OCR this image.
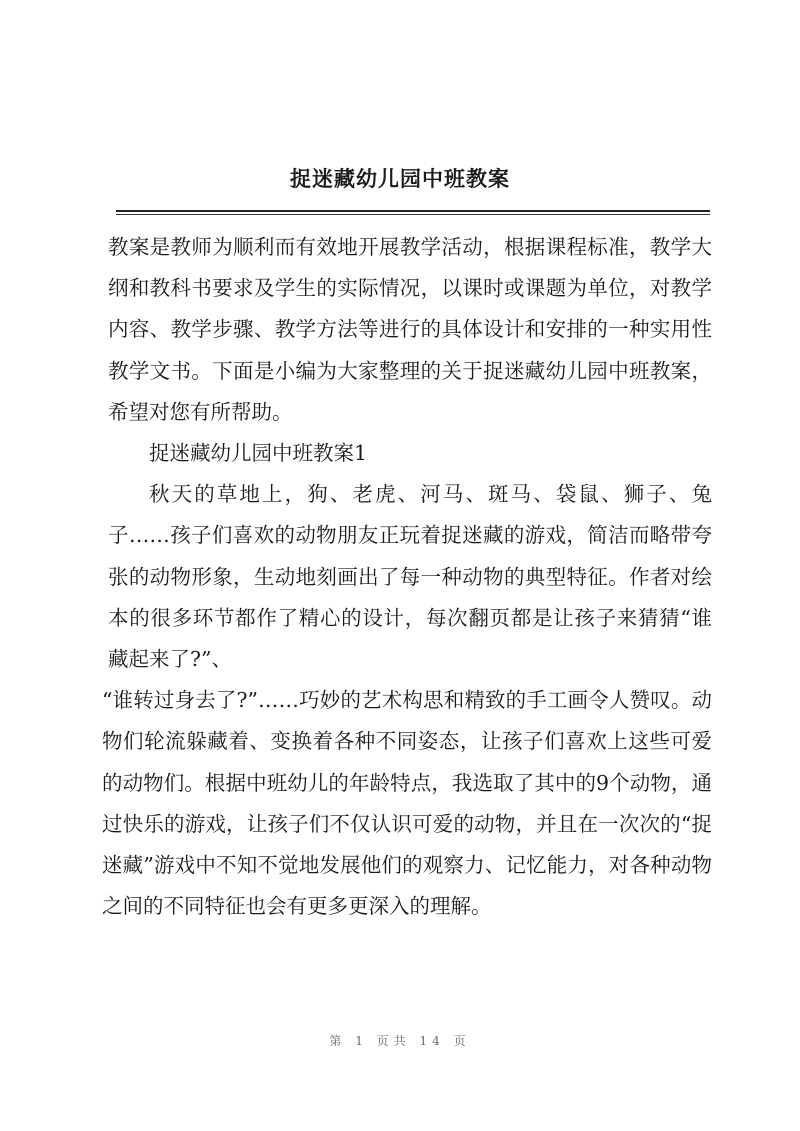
捉迷藏幼儿园中班教案

教案是教师为顺利而有效地开展教学活动，根据课程标准，教学大纲和教科书要求及学生的实际情况，以课时或课题为单位，对教学内容、教学步骤、教学方法等进行的具体设计和安排的一种实用性教学文书。下面是小编为大家整理的关于捉迷藏幼儿园中班教案，希望对您有所帮助。

捉迷藏幼儿园中班教案1

秋天的草地上，狗、老虎、河马、斑马、袋鼠、狮子、兔子……孩子们喜欢的动物朋友正玩着捉迷藏的游戏，简洁而略带夸张的动物形象，生动地刻画出了每一种动物的典型特征。作者对绘本的很多环节都作了精心的设计，每次翻页都是让孩子来猜猜“谁藏起来了?”、

“谁转过身去了?”……巧妙的艺术构思和精致的手工画令人赞叹。动物们轮流躲藏着、变换着各种不同姿态，让孩子们喜欢上这些可爱的动物们。根据中班幼儿的年龄特点，我选取了其中的9个动物，通过快乐的游戏，让孩子们不仅认识可爱的动物，并且在一次次的“捉迷藏”游戏中不知不觉地发展他们的观察力、记忆能力，对各种动物之间的不同特征也会有更多更深入的理解。

第 1 页共 14 页
